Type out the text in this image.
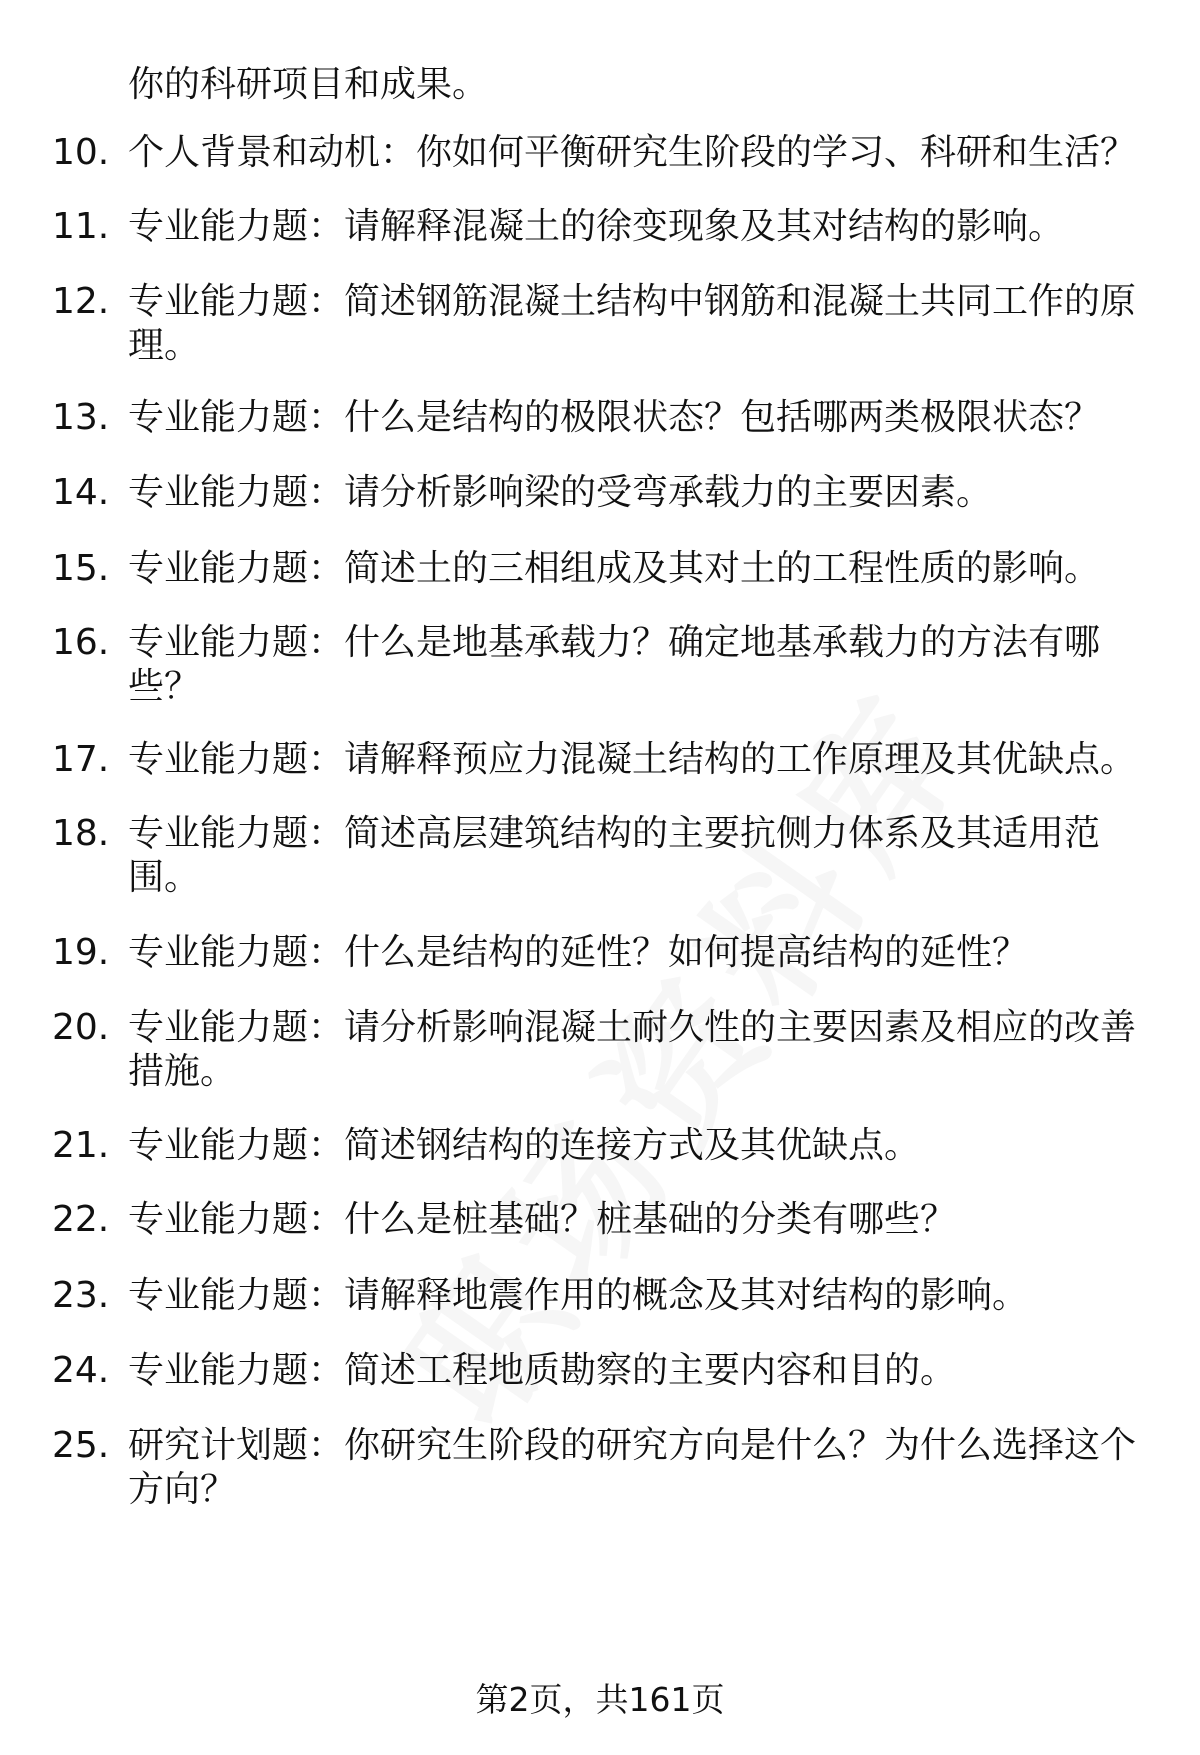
你的科研项目和成果。
10. 个人背景和动机：你如何平衡研究生阶段的学习、科研和生活？
11. 专业能力题：请解释混凝土的徐变现象及其对结构的影响。
12. 专业能力题：简述钢筋混凝土结构中钢筋和混凝土共同工作的原
理。
13. 专业能力题：什么是结构的极限状态？包括哪两类极限状态？
14. 专业能力题：请分析影响梁的受弯承载力的主要因素。
15. 专业能力题：简述土的三相组成及其对土的工程性质的影响。
16. 专业能力题：什么是地基承载力？确定地基承载力的方法有哪
些？
17. 专业能力题：请解释预应力混凝土结构的工作原理及其优缺点。
18. 专业能力题：简述高层建筑结构的主要抗侧力体系及其适用范
围。
19. 专业能力题：什么是结构的延性？如何提高结构的延性？
20. 专业能力题：请分析影响混凝土耐久性的主要因素及相应的改善
措施。
21. 专业能力题：简述钢结构的连接方式及其优缺点。
22. 专业能力题：什么是桩基础？桩基础的分类有哪些？
23. 专业能力题：请解释地震作用的概念及其对结构的影响。
24. 专业能力题：简述工程地质勘察的主要内容和目的。
25. 研究计划题：你研究生阶段的研究方向是什么？为什么选择这个
方向？
第2页，共161页
